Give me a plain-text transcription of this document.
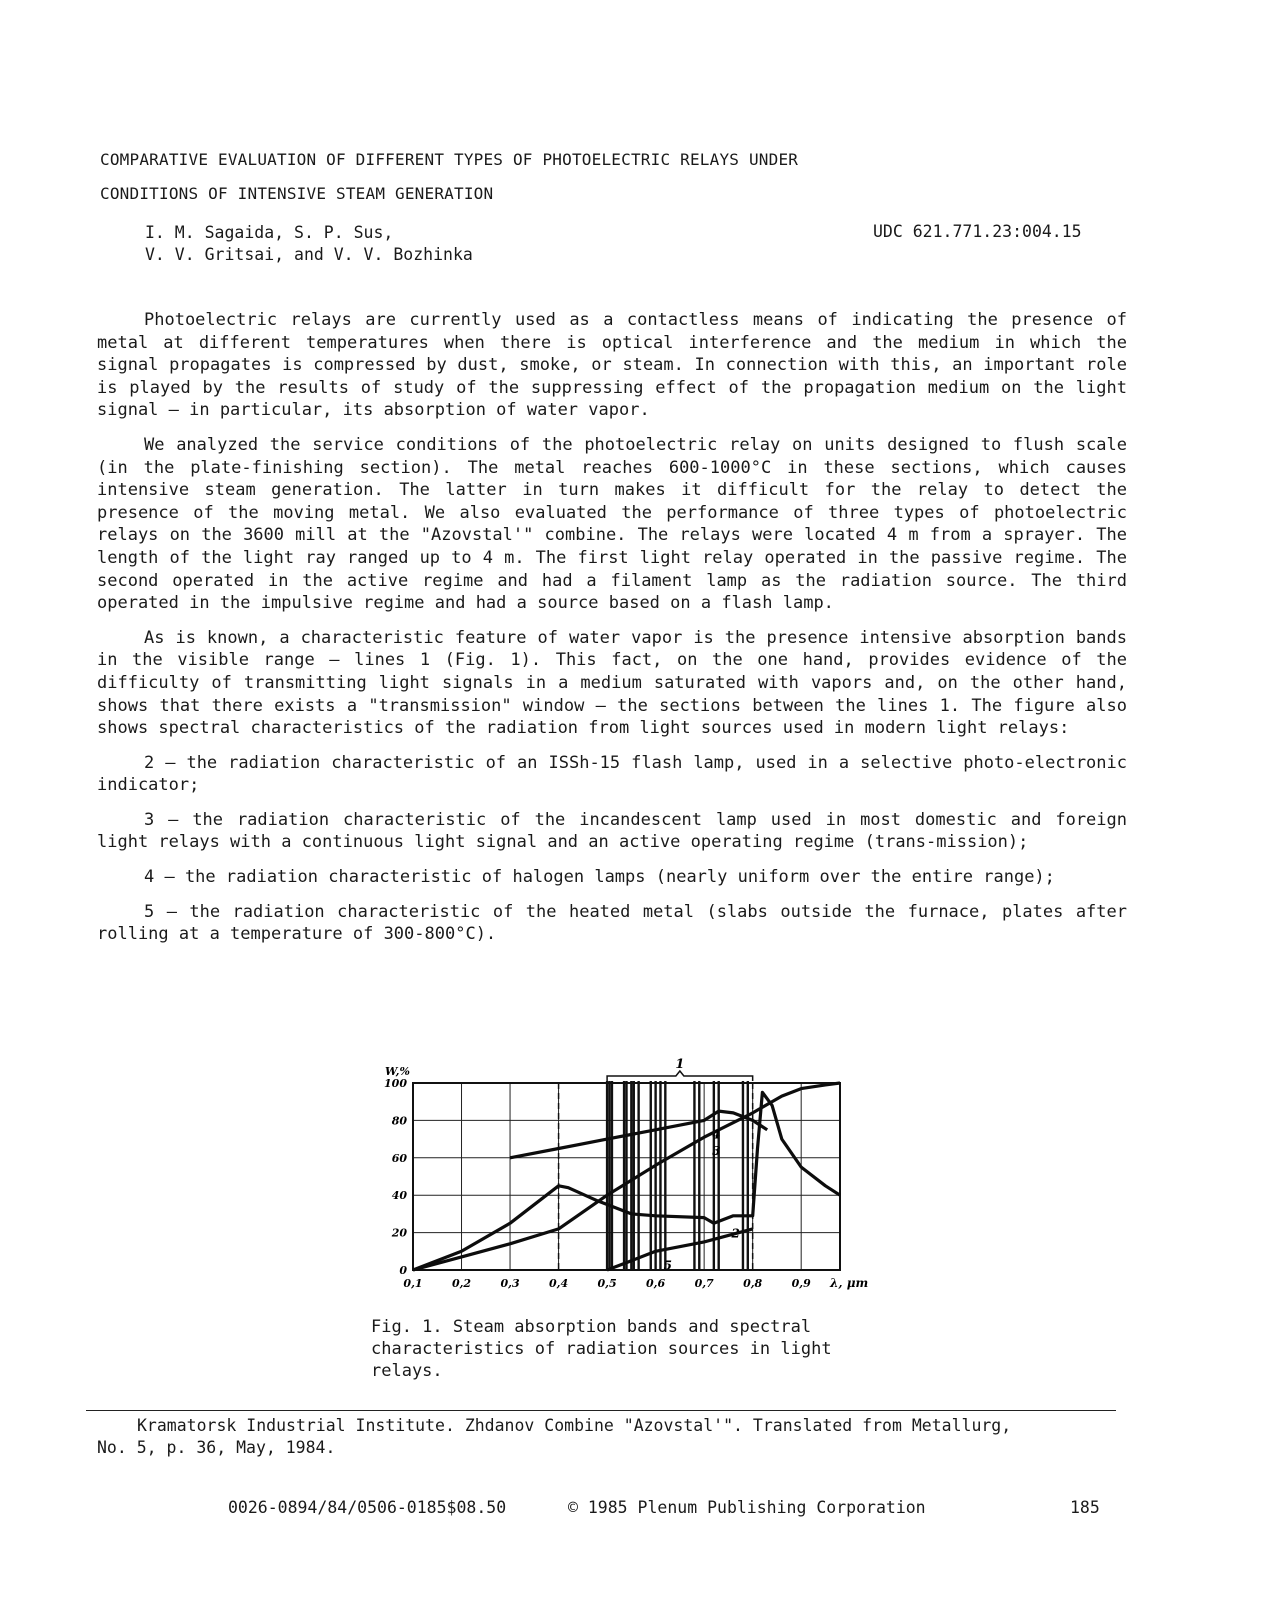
COMPARATIVE EVALUATION OF DIFFERENT TYPES OF PHOTOELECTRIC RELAYS UNDER
CONDITIONS OF INTENSIVE STEAM GENERATION
I. M. Sagaida, S. P. Sus,
V. V. Gritsai, and V. V. Bozhinka
UDC 621.771.23:004.15

Photoelectric relays are currently used as a contactless means of indicating the presence of metal at different temperatures when there is optical interference and the medium in which the signal propagates is compressed by dust, smoke, or steam. In connection with this, an important role is played by the results of study of the suppressing effect of the propagation medium on the light signal — in particular, its absorption of water vapor.

We analyzed the service conditions of the photoelectric relay on units designed to flush scale (in the plate-finishing section). The metal reaches 600-1000°C in these sections, which causes intensive steam generation. The latter in turn makes it difficult for the relay to detect the presence of the moving metal. We also evaluated the performance of three types of photoelectric relays on the 3600 mill at the "Azovstal'" combine. The relays were located 4 m from a sprayer. The length of the light ray ranged up to 4 m. The first light relay operated in the passive regime. The second operated in the active regime and had a filament lamp as the radiation source. The third operated in the impulsive regime and had a source based on a flash lamp.

As is known, a characteristic feature of water vapor is the presence intensive absorption bands in the visible range — lines 1 (Fig. 1). This fact, on the one hand, provides evidence of the difficulty of transmitting light signals in a medium saturated with vapors and, on the other hand, shows that there exists a "transmission" window — the sections between the lines 1. The figure also shows spectral characteristics of the radiation from light sources used in modern light relays:

2 — the radiation characteristic of an ISSh-15 flash lamp, used in a selective photo-electronic indicator;

3 — the radiation characteristic of the incandescent lamp used in most domestic and foreign light relays with a continuous light signal and an active operating regime (trans-mission);

4 — the radiation characteristic of halogen lamps (nearly uniform over the entire range);

5 — the radiation characteristic of the heated metal (slabs outside the furnace, plates after rolling at a temperature of 300-800°C).

1
2
3
4
5
0
20
40
60
80
100
0,1	0,2	0,3	0,4	0,5	0,6	0,7	0,8	0,9
W,%
λ, μm
Fig. 1. Steam absorption bands and spectral characteristics of radiation sources in light relays.

Kramatorsk Industrial Institute. Zhdanov Combine "Azovstal'". Translated from Metallurg,

No. 5, p. 36, May, 1984.
0026-0894/84/0506-0185$08.50	© 1985 Plenum Publishing Corporation	185
